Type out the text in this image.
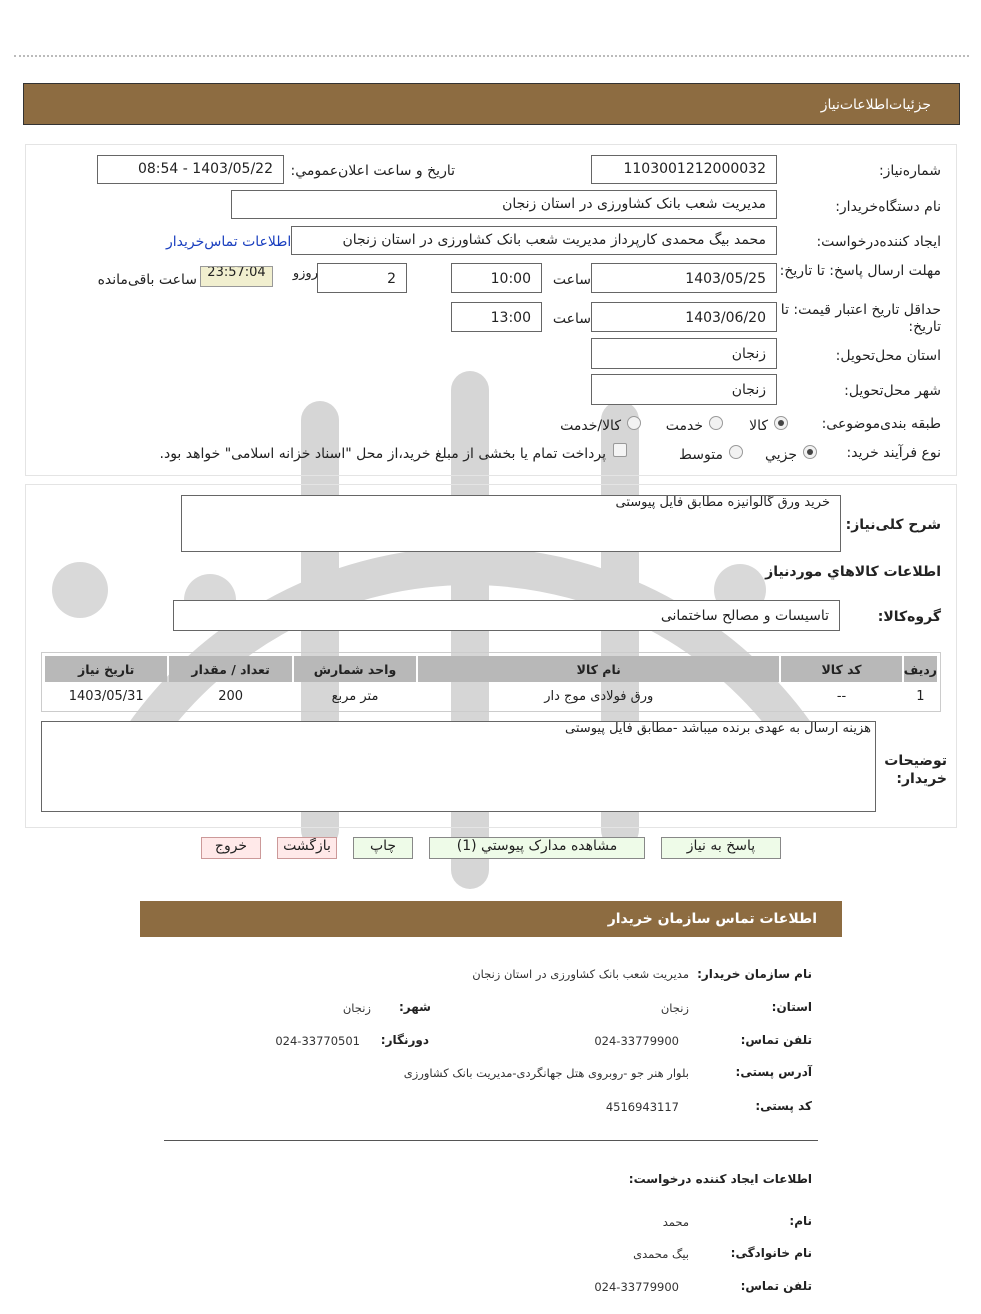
جزئیات‌اطلاعات‌نیاز
شماره‌نیاز:
1103001212000032
تاریخ و ساعت اعلان‌عمومي:
1403/05/22 - 08:54
نام دستگاه‌خریدار:
مدیریت شعب بانک کشاورزی در استان زنجان
ایجاد کننده‌درخواست:
محمد بیگ محمدی کارپرداز مدیریت شعب بانک کشاورزی در استان زنجان
اطلاعات تماس‌خریدار
مهلت ارسال پاسخ: تا تاریخ:
1403/05/25
ساعت
10:00
2
روزو
23:57:04
ساعت باقی‌مانده
حداقل تاریخ اعتبار قیمت: تا تاریخ:
1403/06/20
ساعت
13:00
استان محل‌تحویل:
زنجان
شهر محل‌تحویل:
زنجان
طبقه بندی‌موضوعی:
کالا
خدمت
کالا/خدمت
نوع فرآیند خرید:
جزیي
متوسط
پرداخت تمام یا بخشی از مبلغ خرید،از محل "اسناد خزانه اسلامی" خواهد بود.
شرح کلی‌نیاز:
خرید ورق گالوانیزه مطابق فایل پیوستی
اطلاعات کالاهاي مورد‌نیاز
گروه‌کالا:
تاسیسات و مصالح ساختمانی
ردیف	کد کالا	نام کالا	واحد شمارش	تعداد / مقدار	تاریخ نیاز
1	--	ورق فولادی موج دار	متر مربع	200	1403/05/31
توضیحات خریدار:
هزینه ارسال به عهدی برنده میباشد -مطابق فایل پیوستی
پاسخ به نیاز
مشاهده مدارک پیوستي (1)
چاپ
بازگشت
خروج
اطلاعات تماس سازمان خریدار
نام سازمان خریدار:
مدیریت شعب بانک کشاورزی در استان زنجان
استان:
زنجان
شهر:
زنجان
تلفن تماس:
024-33779900
دورنگار:
024-33770501
آدرس پستی:
بلوار هنر جو -روبروی هتل جهانگردی-مدیریت بانک کشاورزی
کد پستی:
4516943117
اطلاعات ایجاد کننده درخواست:
نام:
محمد
نام خانوادگی:
بیگ محمدی
تلفن تماس:
024-33779900
